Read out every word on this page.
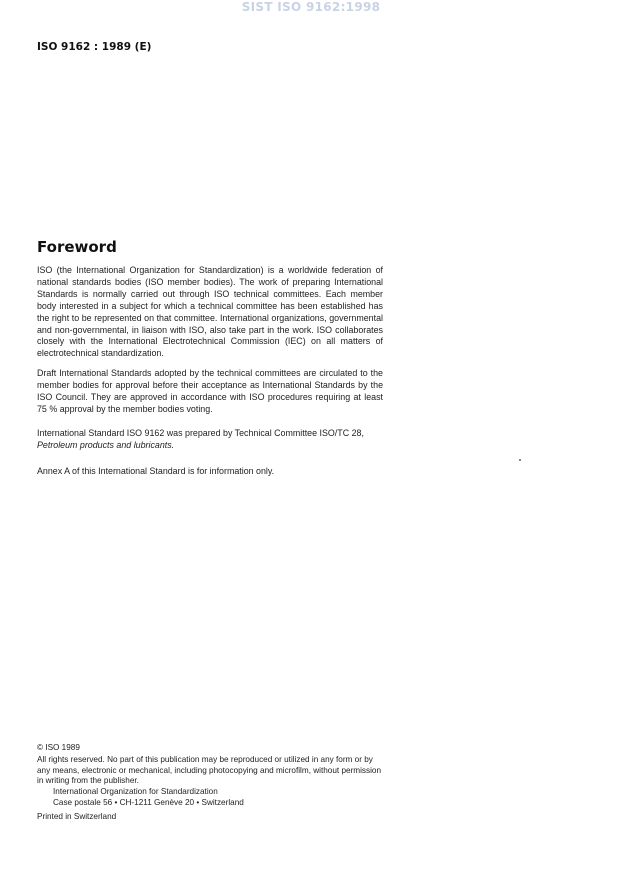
SIST ISO 9162:1998
ISO 9162 : 1989 (E)
Foreword
ISO (the International Organization for Standardization) is a worldwide federation of national standards bodies (ISO member bodies). The work of preparing International Standards is normally carried out through ISO technical committees. Each member body interested in a subject for which a technical committee has been established has the right to be represented on that committee. International organizations, governmental and non-governmental, in liaison with ISO, also take part in the work. ISO collaborates closely with the International Electrotechnical Commission (IEC) on all matters of electrotechnical standardization.
Draft International Standards adopted by the technical committees are circulated to the member bodies for approval before their acceptance as International Standards by the ISO Council. They are approved in accordance with ISO procedures requiring at least 75 % approval by the member bodies voting.
International Standard ISO 9162 was prepared by Technical Committee ISO/TC 28,
Petroleum products and lubricants.
Annex A of this International Standard is for information only.
© ISO 1989
All rights reserved. No part of this publication may be reproduced or utilized in any form or by any means, electronic or mechanical, including photocopying and microfilm, without permission in writing from the publisher.
International Organization for Standardization
Case postale 56 • CH-1211 Genève 20 • Switzerland
Printed in Switzerland
